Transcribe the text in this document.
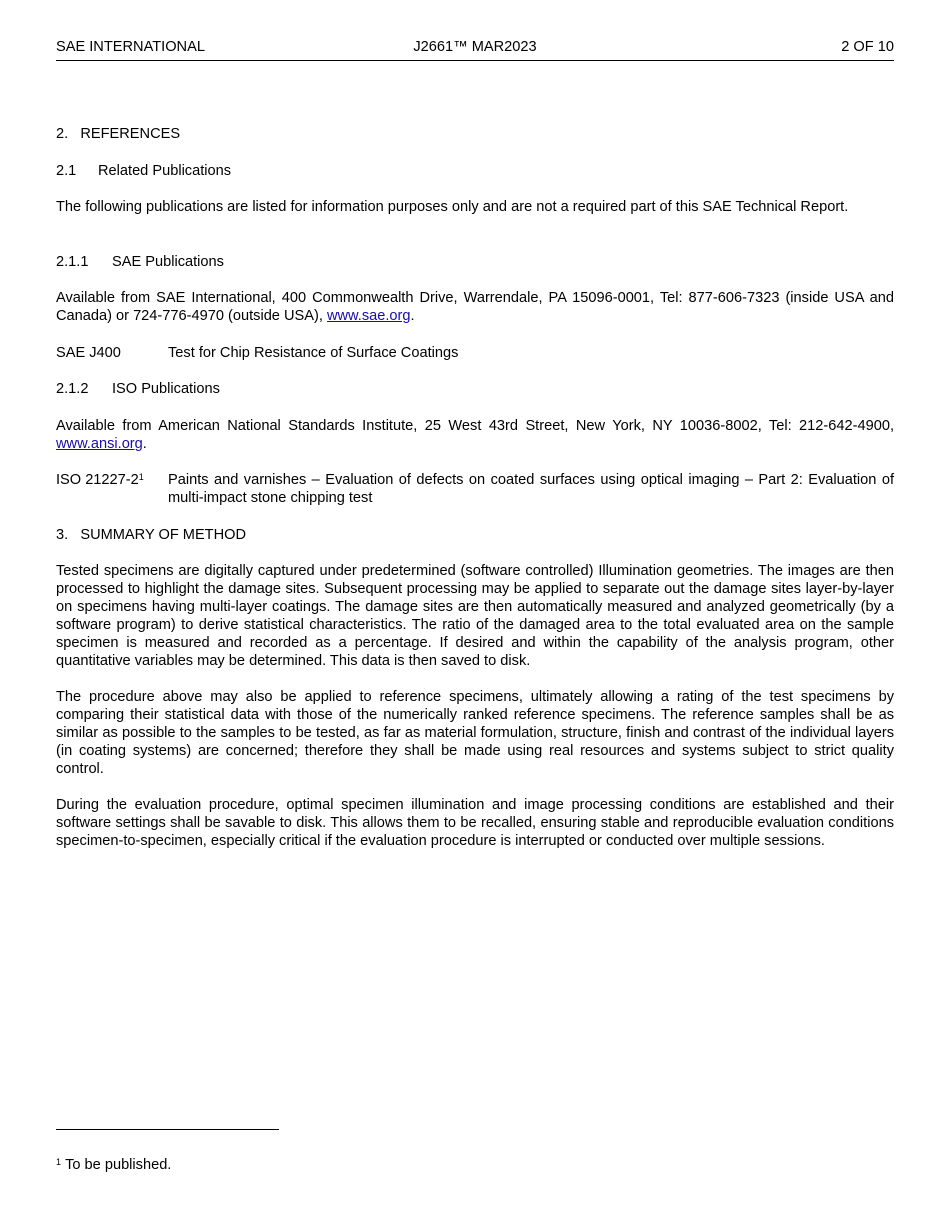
SAE INTERNATIONAL	J2661™ MAR2023	2 OF 10
2. REFERENCES
2.1 Related Publications
The following publications are listed for information purposes only and are not a required part of this SAE Technical Report.
2.1.1 SAE Publications
Available from SAE International, 400 Commonwealth Drive, Warrendale, PA 15096-0001, Tel: 877-606-7323 (inside USA and Canada) or 724-776-4970 (outside USA), www.sae.org.
SAE J400	Test for Chip Resistance of Surface Coatings
2.1.2 ISO Publications
Available from American National Standards Institute, 25 West 43rd Street, New York, NY 10036-8002, Tel: 212-642-4900, www.ansi.org.
ISO $21227-2^1$ Paints and varnishes – Evaluation of defects on coated surfaces using optical imaging – Part 2: Evaluation of multi-impact stone chipping test
3. SUMMARY OF METHOD
Tested specimens are digitally captured under predetermined (software controlled) Illumination geometries. The images are then processed to highlight the damage sites. Subsequent processing may be applied to separate out the damage sites layer-by-layer on specimens having multi-layer coatings. The damage sites are then automatically measured and analyzed geometrically (by a software program) to derive statistical characteristics. The ratio of the damaged area to the total evaluated area on the sample specimen is measured and recorded as a percentage. If desired and within the capability of the analysis program, other quantitative variables may be determined. This data is then saved to disk.
The procedure above may also be applied to reference specimens, ultimately allowing a rating of the test specimens by comparing their statistical data with those of the numerically ranked reference specimens. The reference samples shall be as similar as possible to the samples to be tested, as far as material formulation, structure, finish and contrast of the individual layers (in coating systems) are concerned; therefore they shall be made using real resources and systems subject to strict quality control.
During the evaluation procedure, optimal specimen illumination and image processing conditions are established and their software settings shall be savable to disk. This allows them to be recalled, ensuring stable and reproducible evaluation conditions specimen-to-specimen, especially critical if the evaluation procedure is interrupted or conducted over multiple sessions.
$^1$ To be published.
